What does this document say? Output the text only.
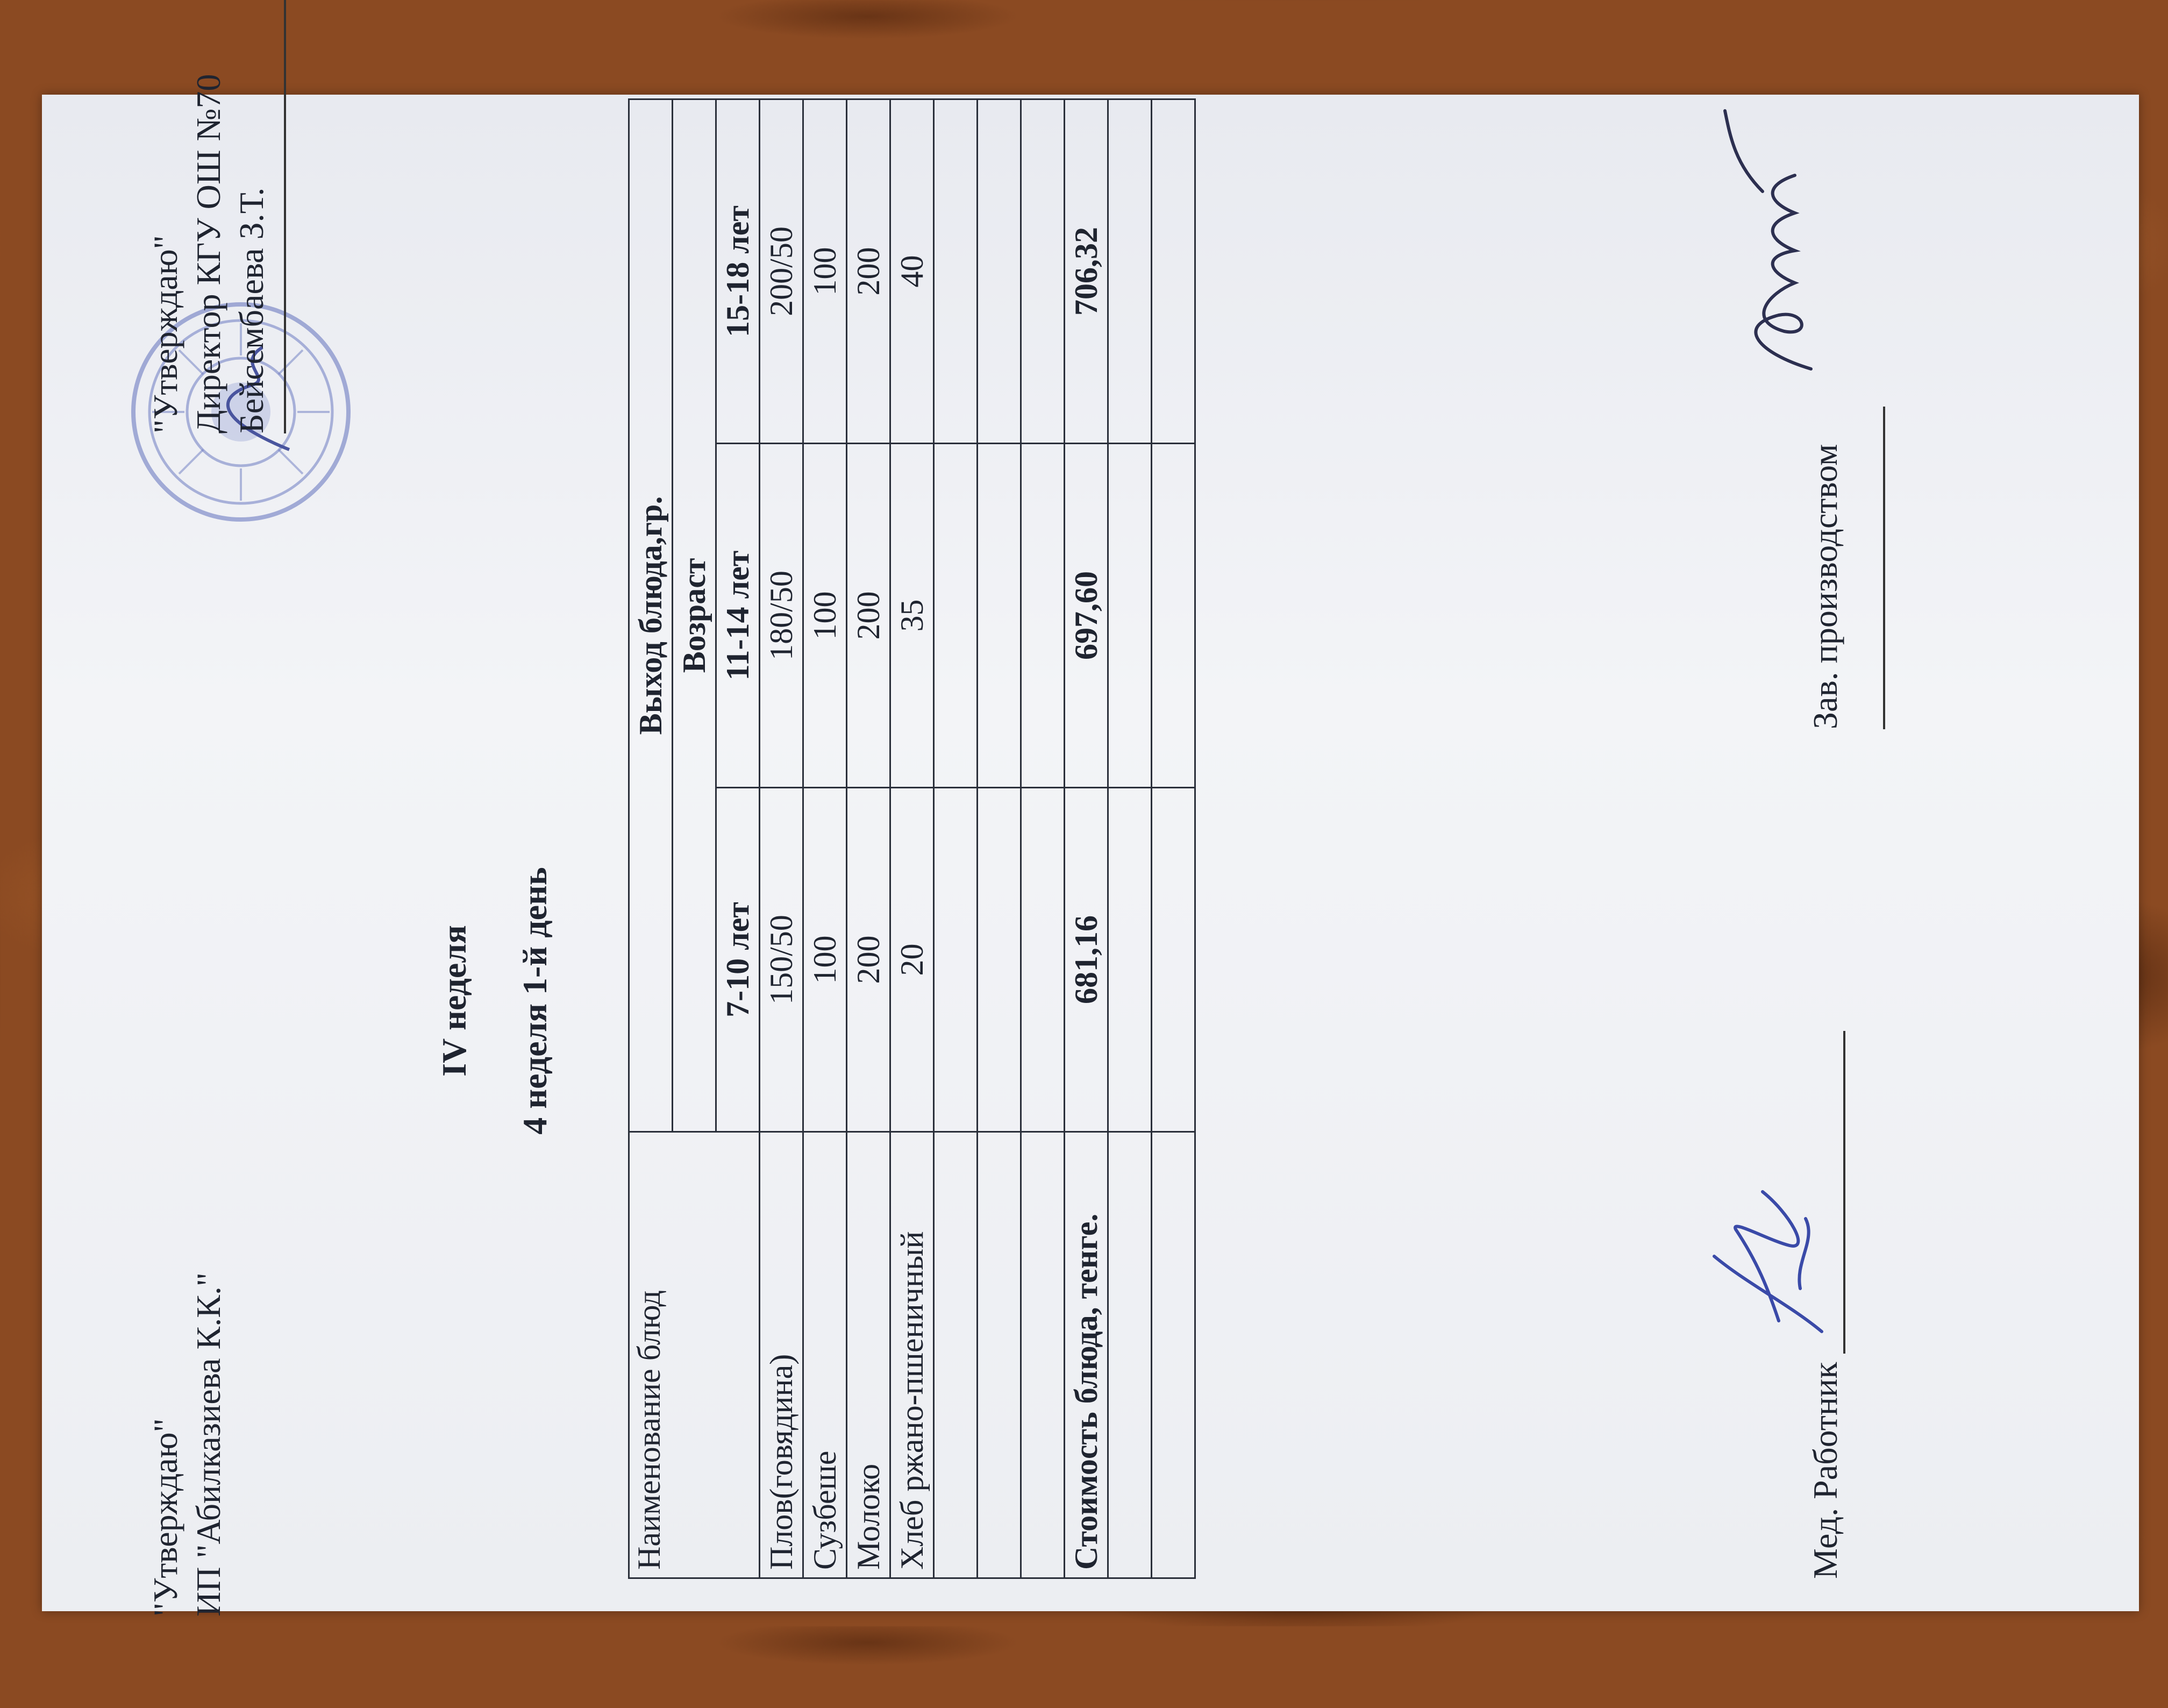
"Утверждаю" ИП "Абилказиева К.К."
"Утверждаю" Директор КГУ ОШ №70 Бейсембаева З.Т.
IV неделя 4 неделя 1-й день
Наименование блюд	Выход блюда,гр.		
	Возраст		
	7-10 лет	11-14 лет	15-18 лет
Плов(говядина)	150/50	180/50	200/50
Сузбеше	100	100	100
Молоко	200	200	200
Хлеб ржано-пшеничный	20	35	40

Стоимость блюда, тенге.	681,16	697,60	706,32

Мед. Работник
Зав. производством
